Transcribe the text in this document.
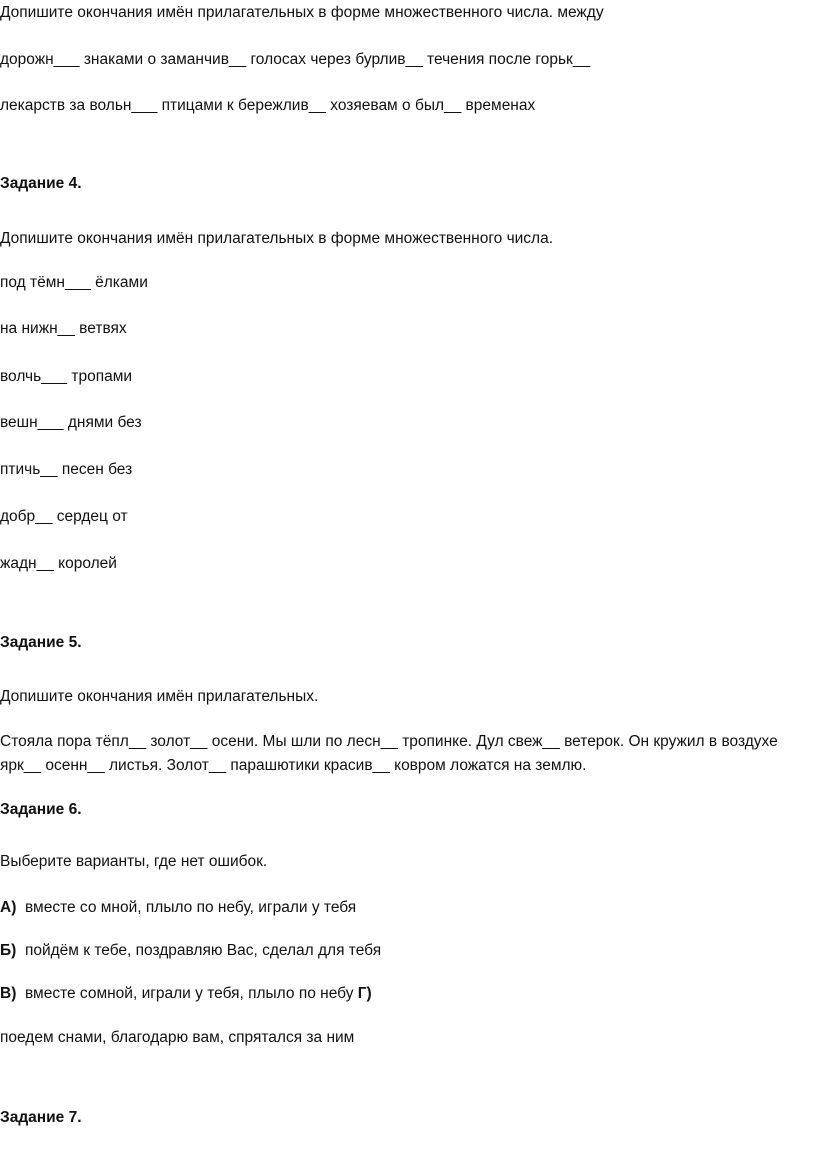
Допишите окончания имён прилагательных в форме множественного числа. между
дорожн___ знаками о заманчив__ голосах через бурлив__ течения после горьк__
лекарств за вольн___ птицами к бережлив__ хозяевам о был__ временах
Задание 4.
Допишите окончания имён прилагательных в форме множественного числа.
под тёмн___ ёлками
на нижн__ ветвях
волчь___ тропами
вешн___ днями без
птичь__ песен без
добр__ сердец от
жадн__ королей
Задание 5.
Допишите окончания имён прилагательных.
Стояла пора тёпл__ золот__ осени. Мы шли по лесн__ тропинке. Дул свеж__ ветерок. Он кружил в воздухе
ярк__ осенн__ листья. Золот__ парашютики красив__ ковром ложатся на землю.
Задание 6.
Выберите варианты, где нет ошибок.
А) вместе со мной, плыло по небу, играли у тебя
Б) пойдём к тебе, поздравляю Вас, сделал для тебя
В) вместе сомной, играли у тебя, плыло по небу Г)
поедем снами, благодарю вам, спрятался за ним
Задание 7.
